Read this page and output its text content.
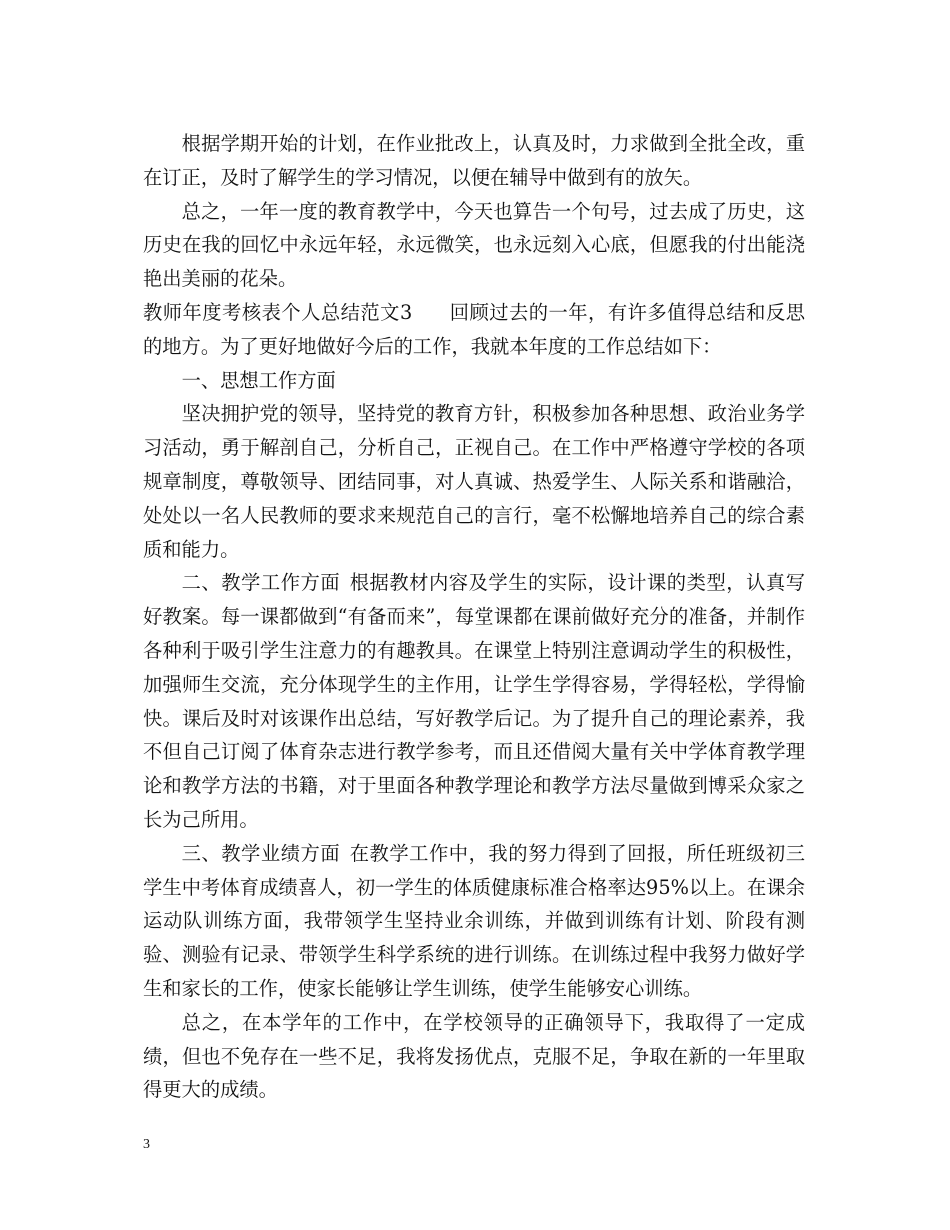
根据学期开始的计划，在作业批改上，认真及时，力求做到全批全改，重在订正，及时了解学生的学习情况，以便在辅导中做到有的放矢。

总之，一年一度的教育教学中，今天也算告一个句号，过去成了历史，这历史在我的回忆中永远年轻，永远微笑，也永远刻入心底，但愿我的付出能浇艳出美丽的花朵。

教师年度考核表个人总结范文3 回顾过去的一年，有许多值得总结和反思的地方。为了更好地做好今后的工作，我就本年度的工作总结如下：

一、思想工作方面

坚决拥护党的领导，坚持党的教育方针，积极参加各种思想、政治业务学习活动，勇于解剖自己，分析自己，正视自己。在工作中严格遵守学校的各项规章制度，尊敬领导、团结同事，对人真诚、热爱学生、人际关系和谐融洽，处处以一名人民教师的要求来规范自己的言行，毫不松懈地培养自己的综合素质和能力。

二、教学工作方面 根据教材内容及学生的实际，设计课的类型，认真写好教案。每一课都做到“有备而来”，每堂课都在课前做好充分的准备，并制作各种利于吸引学生注意力的有趣教具。在课堂上特别注意调动学生的积极性，加强师生交流，充分体现学生的主作用，让学生学得容易，学得轻松，学得愉快。课后及时对该课作出总结，写好教学后记。为了提升自己的理论素养，我不但自己订阅了体育杂志进行教学参考，而且还借阅大量有关中学体育教学理论和教学方法的书籍，对于里面各种教学理论和教学方法尽量做到博采众家之长为己所用。

三、教学业绩方面 在教学工作中，我的努力得到了回报，所任班级初三学生中考体育成绩喜人，初一学生的体质健康标准合格率达95%以上。在课余运动队训练方面，我带领学生坚持业余训练，并做到训练有计划、阶段有测验、测验有记录、带领学生科学系统的进行训练。在训练过程中我努力做好学生和家长的工作，使家长能够让学生训练，使学生能够安心训练。

总之，在本学年的工作中，在学校领导的正确领导下，我取得了一定成绩，但也不免存在一些不足，我将发扬优点，克服不足，争取在新的一年里取得更大的成绩。

3
